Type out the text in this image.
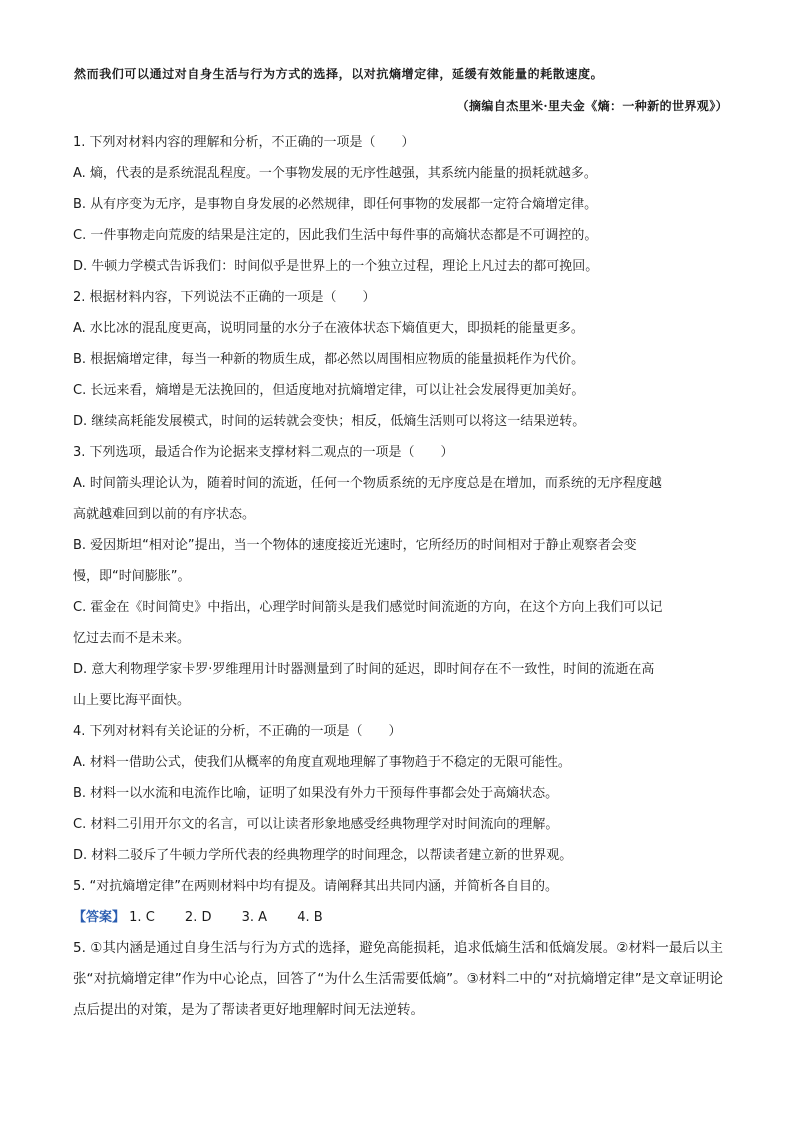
然而我们可以通过对自身生活与行为方式的选择，以对抗熵增定律，延缓有效能量的耗散速度。
（摘编自杰里米·里夫金《熵：一种新的世界观》）
1. 下列对材料内容的理解和分析，不正确的一项是（　　）
A. 熵，代表的是系统混乱程度。一个事物发展的无序性越强，其系统内能量的损耗就越多。
B. 从有序变为无序，是事物自身发展的必然规律，即任何事物的发展都一定符合熵增定律。
C. 一件事物走向荒废的结果是注定的，因此我们生活中每件事的高熵状态都是不可调控的。
D. 牛顿力学模式告诉我们：时间似乎是世界上的一个独立过程，理论上凡过去的都可挽回。
2. 根据材料内容，下列说法不正确的一项是（　　）
A. 水比冰的混乱度更高，说明同量的水分子在液体状态下熵值更大，即损耗的能量更多。
B. 根据熵增定律，每当一种新的物质生成，都必然以周围相应物质的能量损耗作为代价。
C. 长远来看，熵增是无法挽回的，但适度地对抗熵增定律，可以让社会发展得更加美好。
D. 继续高耗能发展模式，时间的运转就会变快；相反，低熵生活则可以将这一结果逆转。
3. 下列选项，最适合作为论据来支撑材料二观点的一项是（　　）
A. 时间箭头理论认为，随着时间的流逝，任何一个物质系统的无序度总是在增加，而系统的无序程度越
高就越难回到以前的有序状态。
B. 爱因斯坦“相对论”提出，当一个物体的速度接近光速时，它所经历的时间相对于静止观察者会变
慢，即“时间膨胀”。
C. 霍金在《时间简史》中指出，心理学时间箭头是我们感觉时间流逝的方向，在这个方向上我们可以记
忆过去而不是未来。
D. 意大利物理学家卡罗·罗维理用计时器测量到了时间的延迟，即时间存在不一致性，时间的流逝在高
山上要比海平面快。
4. 下列对材料有关论证的分析，不正确的一项是（　　）
A. 材料一借助公式，使我们从概率的角度直观地理解了事物趋于不稳定的无限可能性。
B. 材料一以水流和电流作比喻，证明了如果没有外力干预每件事都会处于高熵状态。
C. 材料二引用开尔文的名言，可以让读者形象地感受经典物理学对时间流向的理解。
D. 材料二驳斥了牛顿力学所代表的经典物理学的时间理念，以帮读者建立新的世界观。
5. “对抗熵增定律”在两则材料中均有提及。请阐释其出共同内涵，并简析各自目的。
【答案】 1. C 2. D 3. A 4. B
5. ①其内涵是通过自身生活与行为方式的选择，避免高能损耗，追求低熵生活和低熵发展。②材料一最后以主张“对抗熵增定律”作为中心论点，回答了“为什么生活需要低熵”。③材料二中的“对抗熵增定律”是文章证明论点后提出的对策，是为了帮读者更好地理解时间无法逆转。
